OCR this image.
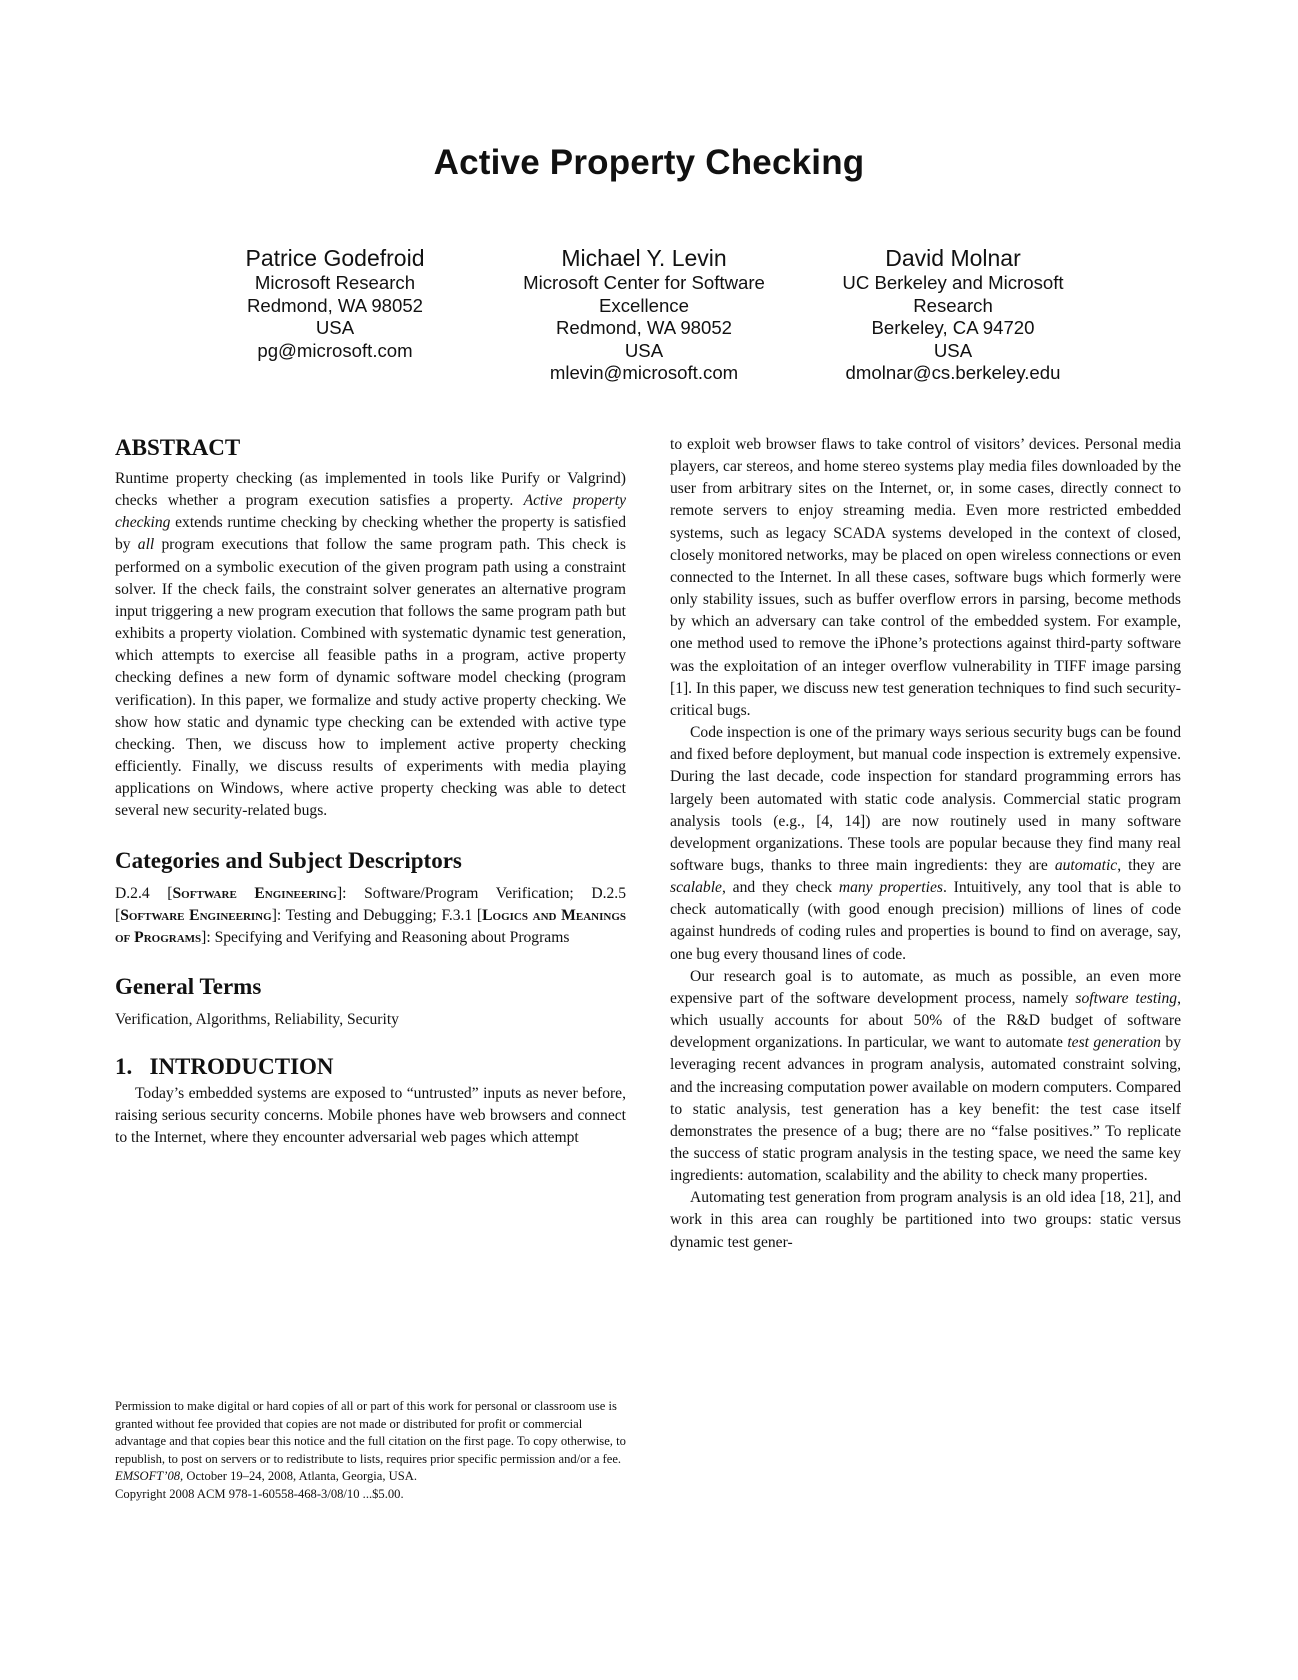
Active Property Checking
Patrice Godefroid
Microsoft Research
Redmond, WA 98052
USA
pg@microsoft.com
Michael Y. Levin
Microsoft Center for Software
Excellence
Redmond, WA 98052
USA
mlevin@microsoft.com
David Molnar
UC Berkeley and Microsoft
Research
Berkeley, CA 94720
USA
dmolnar@cs.berkeley.edu
ABSTRACT

Runtime property checking (as implemented in tools like Purify or Valgrind) checks whether a program execution satisfies a property. Active property checking extends runtime checking by checking whether the property is satisfied by all program executions that follow the same program path. This check is performed on a symbolic execution of the given program path using a constraint solver. If the check fails, the constraint solver generates an alternative program input triggering a new program execution that follows the same program path but exhibits a property violation. Combined with systematic dynamic test generation, which attempts to exercise all feasible paths in a program, active property checking defines a new form of dynamic software model checking (program verification). In this paper, we formalize and study active property checking. We show how static and dynamic type checking can be extended with active type checking. Then, we discuss how to implement active property checking efficiently. Finally, we discuss results of experiments with media playing applications on Windows, where active property checking was able to detect several new security-related bugs.

Categories and Subject Descriptors

D.2.4 [Software Engineering]: Software/Program Verification; D.2.5 [Software Engineering]: Testing and Debugging; F.3.1 [Logics and Meanings of Programs]: Specifying and Verifying and Reasoning about Programs

General Terms

Verification, Algorithms, Reliability, Security

1.   INTRODUCTION

Today’s embedded systems are exposed to “untrusted” inputs as never before, raising serious security concerns. Mobile phones have web browsers and connect to the Internet, where they encounter adversarial web pages which attempt

to exploit web browser flaws to take control of visitors’ devices. Personal media players, car stereos, and home stereo systems play media files downloaded by the user from arbitrary sites on the Internet, or, in some cases, directly connect to remote servers to enjoy streaming media. Even more restricted embedded systems, such as legacy SCADA systems developed in the context of closed, closely monitored networks, may be placed on open wireless connections or even connected to the Internet. In all these cases, software bugs which formerly were only stability issues, such as buffer overflow errors in parsing, become methods by which an adversary can take control of the embedded system. For example, one method used to remove the iPhone’s protections against third-party software was the exploitation of an integer overflow vulnerability in TIFF image parsing [1]. In this paper, we discuss new test generation techniques to find such security-critical bugs.

Code inspection is one of the primary ways serious security bugs can be found and fixed before deployment, but manual code inspection is extremely expensive. During the last decade, code inspection for standard programming errors has largely been automated with static code analysis. Commercial static program analysis tools (e.g., [4, 14]) are now routinely used in many software development organizations. These tools are popular because they find many real software bugs, thanks to three main ingredients: they are automatic, they are scalable, and they check many properties. Intuitively, any tool that is able to check automatically (with good enough precision) millions of lines of code against hundreds of coding rules and properties is bound to find on average, say, one bug every thousand lines of code.

Our research goal is to automate, as much as possible, an even more expensive part of the software development process, namely software testing, which usually accounts for about 50% of the R&D budget of software development organizations. In particular, we want to automate test generation by leveraging recent advances in program analysis, automated constraint solving, and the increasing computation power available on modern computers. Compared to static analysis, test generation has a key benefit: the test case itself demonstrates the presence of a bug; there are no “false positives.” To replicate the success of static program analysis in the testing space, we need the same key ingredients: automation, scalability and the ability to check many properties.

Automating test generation from program analysis is an old idea [18, 21], and work in this area can roughly be partitioned into two groups: static versus dynamic test gener-

Permission to make digital or hard copies of all or part of this work for personal or classroom use is granted without fee provided that copies are not made or distributed for profit or commercial advantage and that copies bear this notice and the full citation on the first page. To copy otherwise, to republish, to post on servers or to redistribute to lists, requires prior specific permission and/or a fee.
EMSOFT’08, October 19–24, 2008, Atlanta, Georgia, USA.
Copyright 2008 ACM 978-1-60558-468-3/08/10 ...$5.00.
